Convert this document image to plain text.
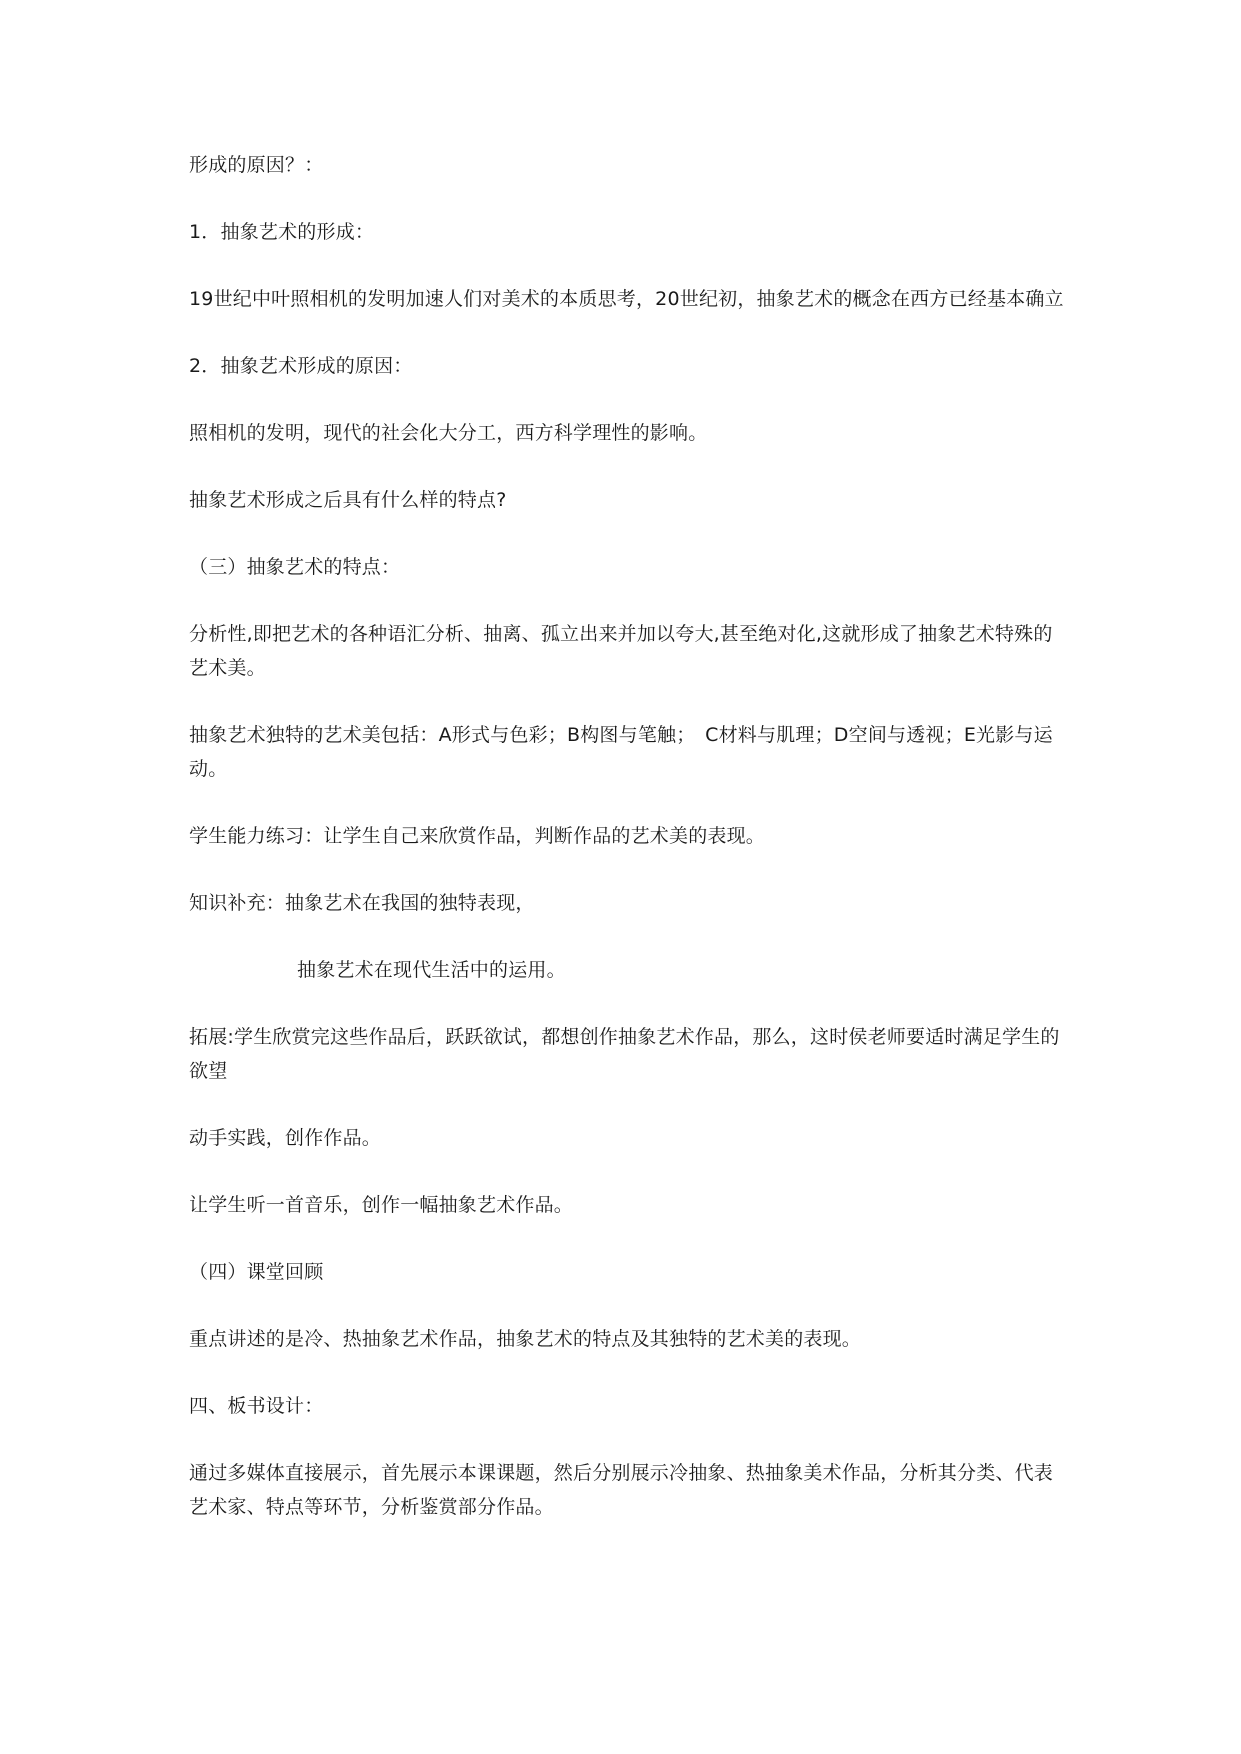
形成的原因？：

1．抽象艺术的形成：

19世纪中叶照相机的发明加速人们对美术的本质思考，20世纪初，抽象艺术的概念在西方已经基本确立

2．抽象艺术形成的原因：

照相机的发明，现代的社会化大分工，西方科学理性的影响。

抽象艺术形成之后具有什么样的特点?

（三）抽象艺术的特点：

分析性,即把艺术的各种语汇分析、抽离、孤立出来并加以夸大,甚至绝对化,这就形成了抽象艺术特殊的艺术美。

抽象艺术独特的艺术美包括：A形式与色彩；B构图与笔触；　C材料与肌理；D空间与透视；E光影与运动。

学生能力练习：让学生自己来欣赏作品，判断作品的艺术美的表现。

知识补充：抽象艺术在我国的独特表现，

抽象艺术在现代生活中的运用。

拓展:学生欣赏完这些作品后，跃跃欲试，都想创作抽象艺术作品，那么，这时侯老师要适时满足学生的欲望

动手实践，创作作品。

让学生听一首音乐，创作一幅抽象艺术作品。

（四）课堂回顾

重点讲述的是冷、热抽象艺术作品，抽象艺术的特点及其独特的艺术美的表现。

四、板书设计：

通过多媒体直接展示，首先展示本课课题，然后分别展示冷抽象、热抽象美术作品，分析其分类、代表艺术家、特点等环节，分析鉴赏部分作品。
